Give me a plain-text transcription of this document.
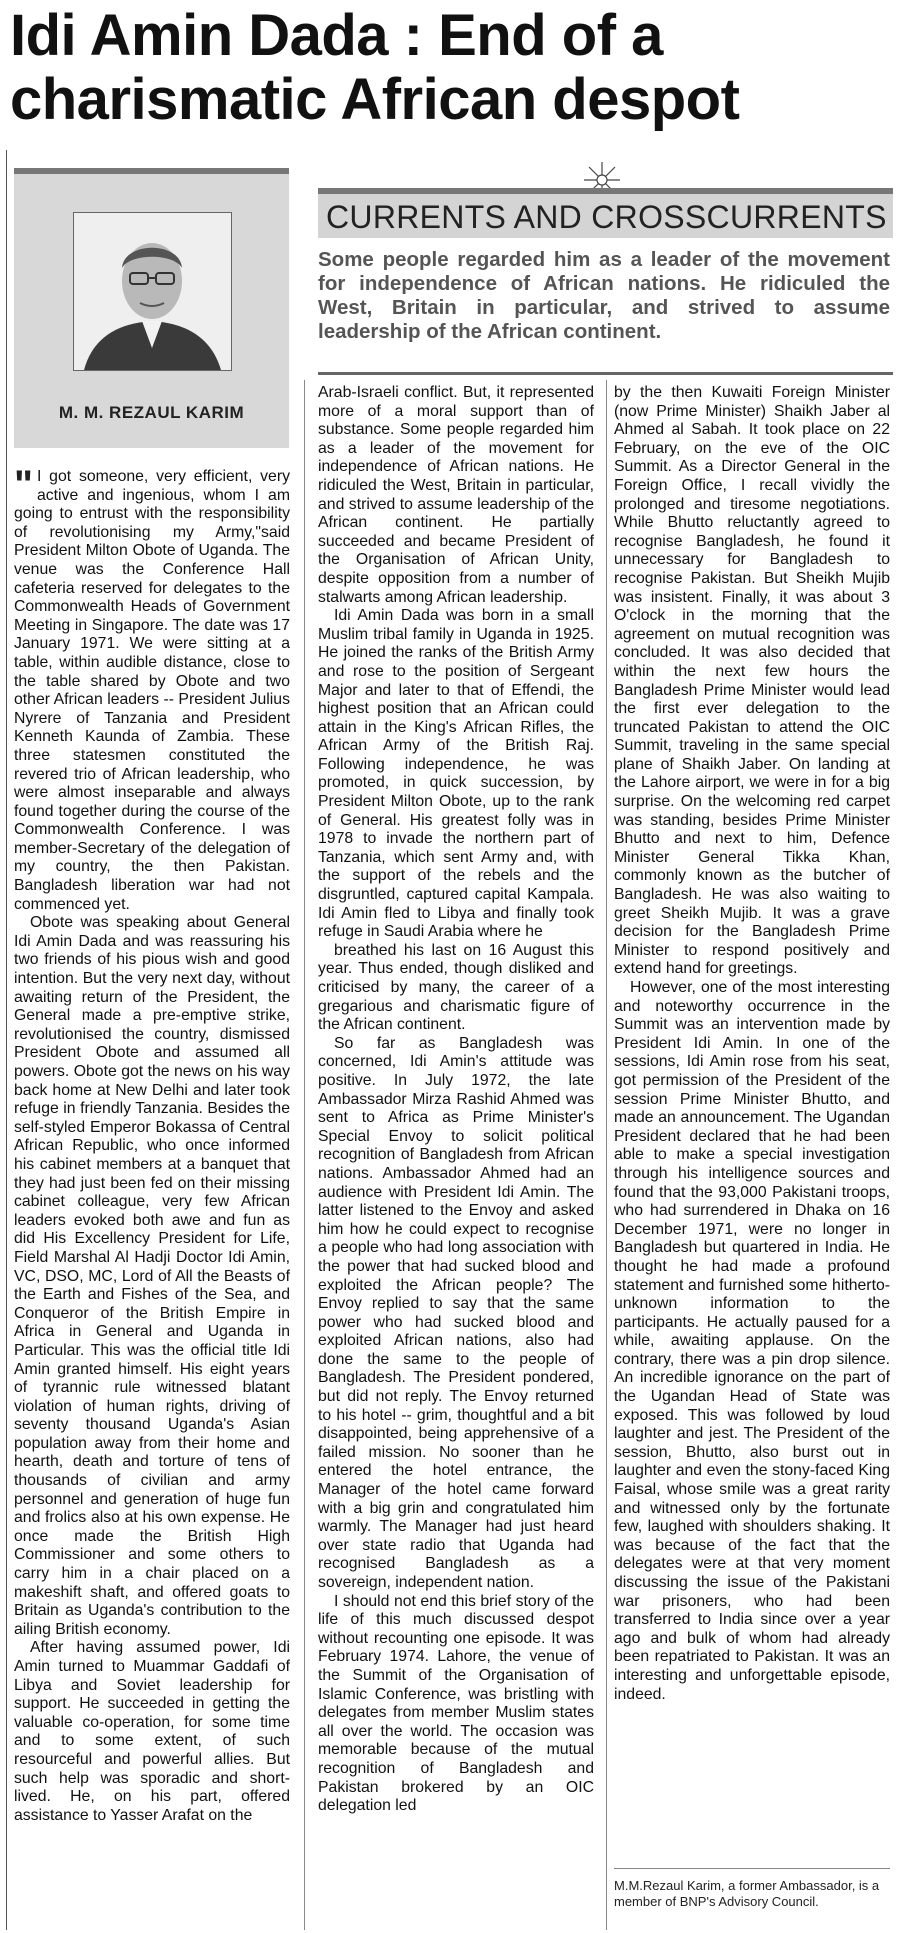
Idi Amin Dada : End of a charismatic African despot
M. M. REZAUL KARIM
CURRENTS AND CROSSCURRENTS

Some people regarded him as a leader of the movement for independence of African nations. He ridiculed the West, Britain in particular, and strived to assume leadership of the African continent.

" I got someone, very efficient, very active and ingenious, whom I am going to entrust with the responsibility of revolutionising my Army,"said President Milton Obote of Uganda. The venue was the Conference Hall cafeteria reserved for delegates to the Commonwealth Heads of Government Meeting in Singapore. The date was 17 January 1971. We were sitting at a table, within audible distance, close to the table shared by Obote and two other African leaders -- President Julius Nyrere of Tanzania and President Kenneth Kaunda of Zambia. These three statesmen constituted the revered trio of African leadership, who were almost inseparable and always found together during the course of the Commonwealth Conference. I was member-Secretary of the delegation of my country, the then Pakistan. Bangladesh liberation war had not commenced yet.

Obote was speaking about General Idi Amin Dada and was reassuring his two friends of his pious wish and good intention. But the very next day, without awaiting return of the President, the General made a pre-emptive strike, revolutionised the country, dismissed President Obote and assumed all powers. Obote got the news on his way back home at New Delhi and later took refuge in friendly Tanzania. Besides the self-styled Emperor Bokassa of Central African Republic, who once informed his cabinet members at a banquet that they had just been fed on their missing cabinet colleague, very few African leaders evoked both awe and fun as did His Excellency President for Life, Field Marshal Al Hadji Doctor Idi Amin, VC, DSO, MC, Lord of All the Beasts of the Earth and Fishes of the Sea, and Conqueror of the British Empire in Africa in General and Uganda in Particular. This was the official title Idi Amin granted himself. His eight years of tyrannic rule witnessed blatant violation of human rights, driving of seventy thousand Uganda's Asian population away from their home and hearth, death and torture of tens of thousands of civilian and army personnel and generation of huge fun and frolics also at his own expense. He once made the British High Commissioner and some others to carry him in a chair placed on a makeshift shaft, and offered goats to Britain as Uganda's contribution to the ailing British economy.

After having assumed power, Idi Amin turned to Muammar Gaddafi of Libya and Soviet leadership for support. He succeeded in getting the valuable co-operation, for some time and to some extent, of such resourceful and powerful allies. But such help was sporadic and short-lived. He, on his part, offered assistance to Yasser Arafat on the

Arab-Israeli conflict. But, it represented more of a moral support than of substance. Some people regarded him as a leader of the movement for independence of African nations. He ridiculed the West, Britain in particular, and strived to assume leadership of the African continent. He partially succeeded and became President of the Organisation of African Unity, despite opposition from a number of stalwarts among African leadership.

Idi Amin Dada was born in a small Muslim tribal family in Uganda in 1925. He joined the ranks of the British Army and rose to the position of Sergeant Major and later to that of Effendi, the highest position that an African could attain in the King's African Rifles, the African Army of the British Raj. Following independence, he was promoted, in quick succession, by President Milton Obote, up to the rank of General. His greatest folly was in 1978 to invade the northern part of Tanzania, which sent Army and, with the support of the rebels and the disgruntled, captured capital Kampala. Idi Amin fled to Libya and finally took refuge in Saudi Arabia where he

breathed his last on 16 August this year. Thus ended, though disliked and criticised by many, the career of a gregarious and charismatic figure of the African continent.

So far as Bangladesh was concerned, Idi Amin's attitude was positive. In July 1972, the late Ambassador Mirza Rashid Ahmed was sent to Africa as Prime Minister's Special Envoy to solicit political recognition of Bangladesh from African nations. Ambassador Ahmed had an audience with President Idi Amin. The latter listened to the Envoy and asked him how he could expect to recognise a people who had long association with the power that had sucked blood and exploited the African people? The Envoy replied to say that the same power who had sucked blood and exploited African nations, also had done the same to the people of Bangladesh. The President pondered, but did not reply. The Envoy returned to his hotel -- grim, thoughtful and a bit disappointed, being apprehensive of a failed mission. No sooner than he entered the hotel entrance, the Manager of the hotel came forward with a big grin and congratulated him warmly. The Manager had just heard over state radio that Uganda had recognised Bangladesh as a sovereign, independent nation.

I should not end this brief story of the life of this much discussed despot without recounting one episode. It was February 1974. Lahore, the venue of the Summit of the Organisation of Islamic Conference, was bristling with delegates from member Muslim states all over the world. The occasion was memorable because of the mutual recognition of Bangladesh and Pakistan brokered by an OIC delegation led

by the then Kuwaiti Foreign Minister (now Prime Minister) Shaikh Jaber al Ahmed al Sabah. It took place on 22 February, on the eve of the OIC Summit. As a Director General in the Foreign Office, I recall vividly the prolonged and tiresome negotiations. While Bhutto reluctantly agreed to recognise Bangladesh, he found it unnecessary for Bangladesh to recognise Pakistan. But Sheikh Mujib was insistent. Finally, it was about 3 O'clock in the morning that the agreement on mutual recognition was concluded. It was also decided that within the next few hours the Bangladesh Prime Minister would lead the first ever delegation to the truncated Pakistan to attend the OIC Summit, traveling in the same special plane of Shaikh Jaber. On landing at the Lahore airport, we were in for a big surprise. On the welcoming red carpet was standing, besides Prime Minister Bhutto and next to him, Defence Minister General Tikka Khan, commonly known as the butcher of Bangladesh. He was also waiting to greet Sheikh Mujib. It was a grave decision for the Bangladesh Prime Minister to respond positively and extend hand for greetings.

However, one of the most interesting and noteworthy occurrence in the Summit was an intervention made by President Idi Amin. In one of the sessions, Idi Amin rose from his seat, got permission of the President of the session Prime Minister Bhutto, and made an announcement. The Ugandan President declared that he had been able to make a special investigation through his intelligence sources and found that the 93,000 Pakistani troops, who had surrendered in Dhaka on 16 December 1971, were no longer in Bangladesh but quartered in India. He thought he had made a profound statement and furnished some hitherto-unknown information to the participants. He actually paused for a while, awaiting applause. On the contrary, there was a pin drop silence. An incredible ignorance on the part of the Ugandan Head of State was exposed. This was followed by loud laughter and jest. The President of the session, Bhutto, also burst out in laughter and even the stony-faced King Faisal, whose smile was a great rarity and witnessed only by the fortunate few, laughed with shoulders shaking. It was because of the fact that the delegates were at that very moment discussing the issue of the Pakistani war prisoners, who had been transferred to India since over a year ago and bulk of whom had already been repatriated to Pakistan. It was an interesting and unforgettable episode, indeed.

M.M.Rezaul Karim, a former Ambassador, is a member of BNP's Advisory Council.
